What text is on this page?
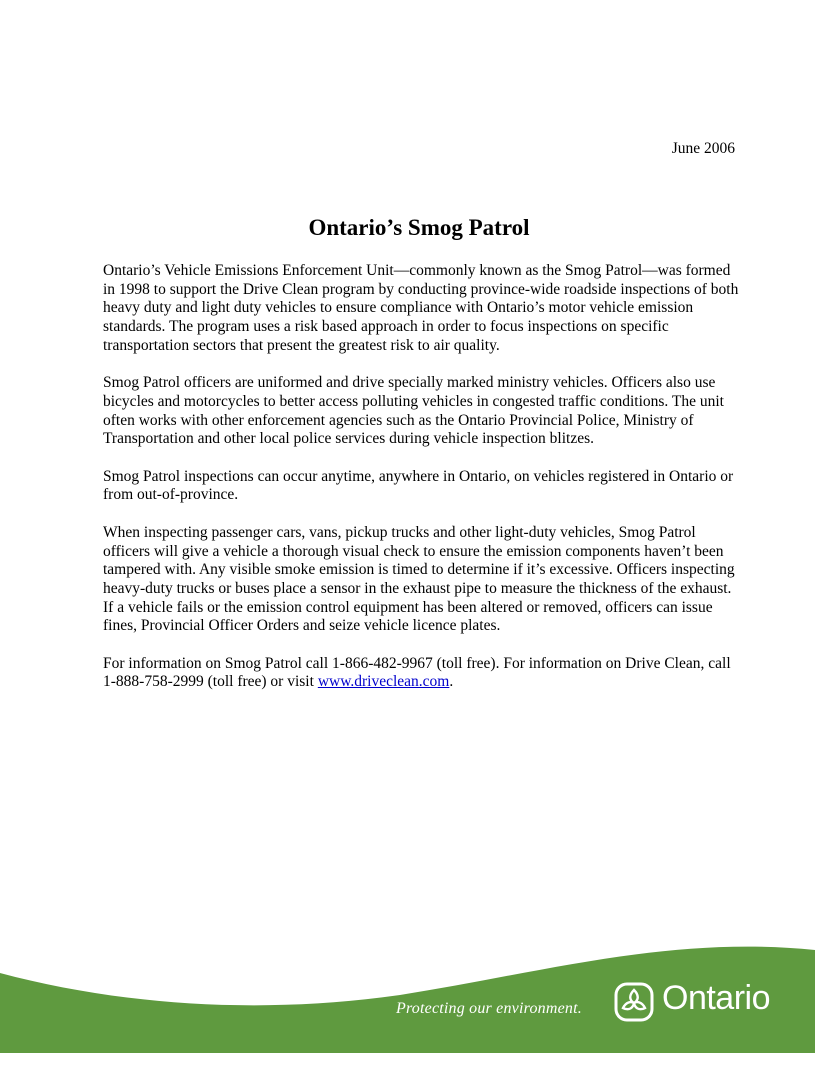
June 2006
Ontario’s Smog Patrol

Ontario’s Vehicle Emissions Enforcement Unit—commonly known as the Smog Patrol—was formed in 1998 to support the Drive Clean program by conducting province-wide roadside inspections of both heavy duty and light duty vehicles to ensure compliance with Ontario’s motor vehicle emission standards. The program uses a risk based approach in order to focus inspections on specific transportation sectors that present the greatest risk to air quality.

Smog Patrol officers are uniformed and drive specially marked ministry vehicles. Officers also use bicycles and motorcycles to better access polluting vehicles in congested traffic conditions. The unit often works with other enforcement agencies such as the Ontario Provincial Police, Ministry of Transportation and other local police services during vehicle inspection blitzes.

Smog Patrol inspections can occur anytime, anywhere in Ontario, on vehicles registered in Ontario or from out-of-province.

When inspecting passenger cars, vans, pickup trucks and other light-duty vehicles, Smog Patrol officers will give a vehicle a thorough visual check to ensure the emission components haven’t been tampered with. Any visible smoke emission is timed to determine if it’s excessive. Officers inspecting heavy-duty trucks or buses place a sensor in the exhaust pipe to measure the thickness of the exhaust. If a vehicle fails or the emission control equipment has been altered or removed, officers can issue fines, Provincial Officer Orders and seize vehicle licence plates.

For information on Smog Patrol call 1-866-482-9967 (toll free). For information on Drive Clean, call 1-888-758-2999 (toll free) or visit www.driveclean.com.

Protecting our environment. Ontario
